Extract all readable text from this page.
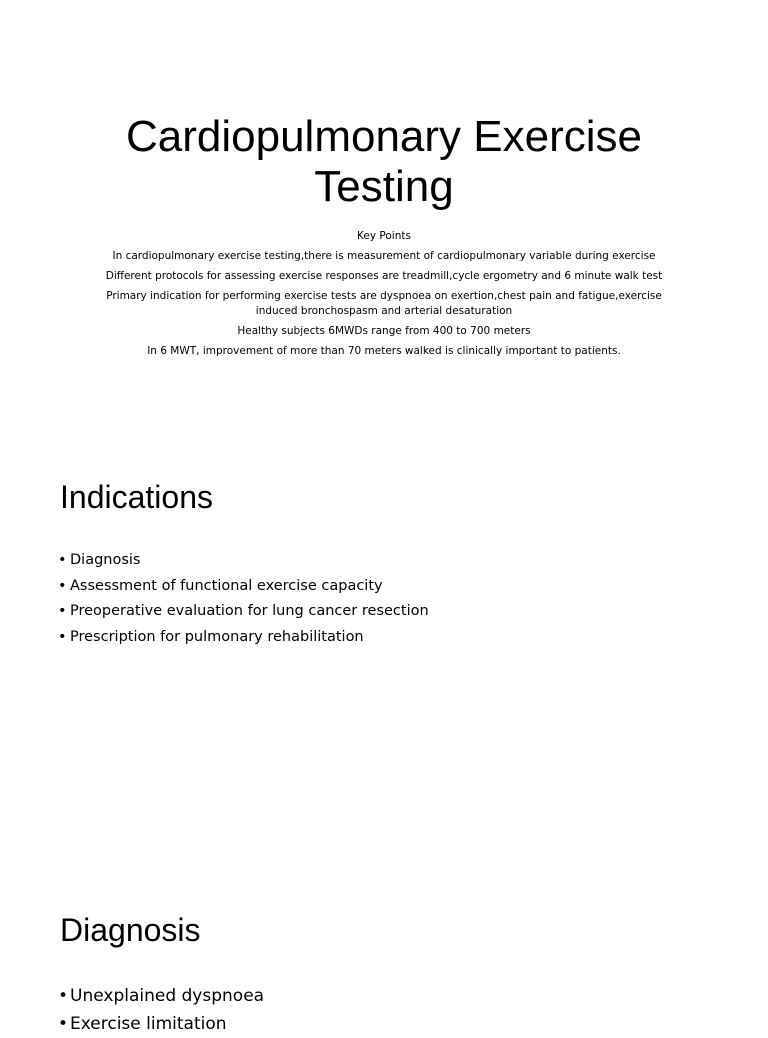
Cardiopulmonary Exercise
Testing

Key Points

In cardiopulmonary exercise testing,there is measurement of cardiopulmonary variable during exercise

Different protocols for assessing exercise responses are treadmill,cycle ergometry and 6 minute walk test

Primary indication for performing exercise tests are dyspnoea on exertion,chest pain and fatigue,exercise induced bronchospasm and arterial desaturation

Healthy subjects 6MWDs range from 400 to 700 meters

In 6 MWT, improvement of more than 70 meters walked is clinically important to patients.

Indications
• Diagnosis
• Assessment of functional exercise capacity
• Preoperative evaluation for lung cancer resection
• Prescription for pulmonary rehabilitation
Diagnosis
• Unexplained dyspnoea
• Exercise limitation
